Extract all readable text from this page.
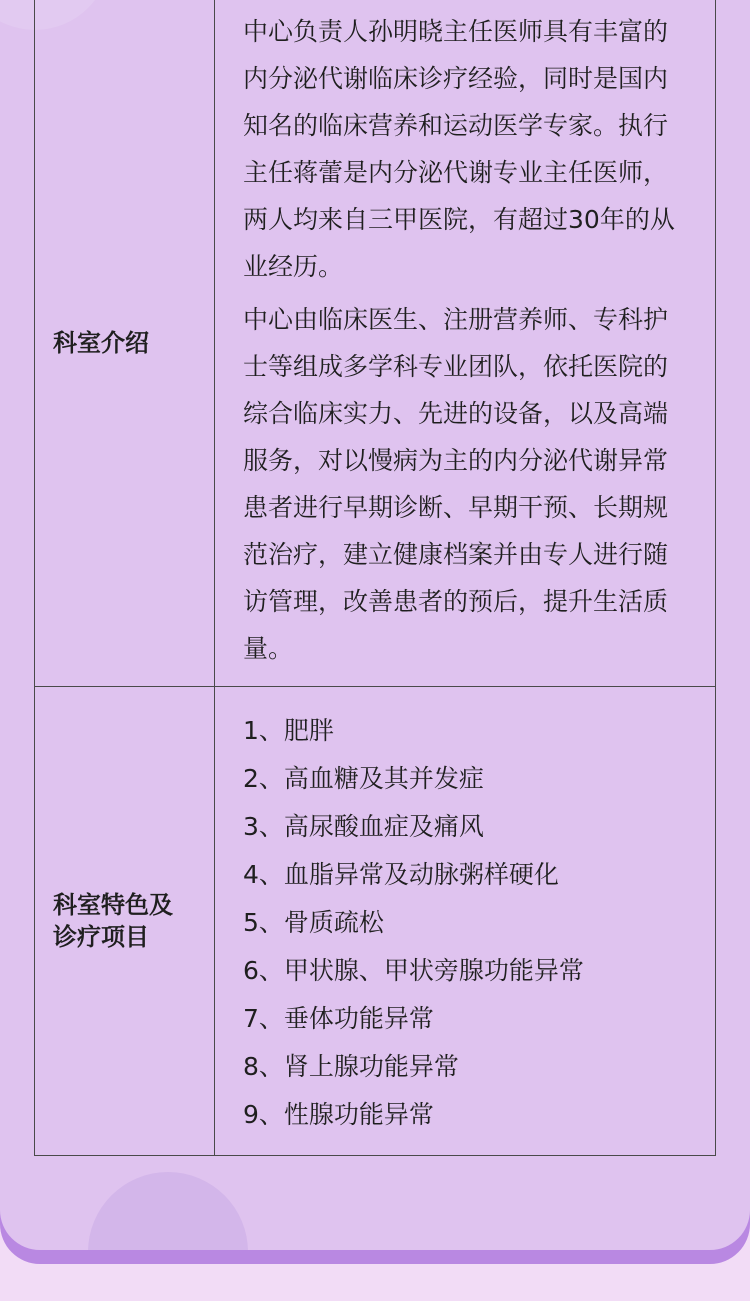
科室介绍

中心负责人孙明晓主任医师具有丰富的内分泌代谢临床诊疗经验，同时是国内知名的临床营养和运动医学专家。执行主任蒋蕾是内分泌代谢专业主任医师，两人均来自三甲医院，有超过30年的从业经历。

中心由临床医生、注册营养师、专科护士等组成多学科专业团队，依托医院的综合临床实力、先进的设备，以及高端服务，对以慢病为主的内分泌代谢异常患者进行早期诊断、早期干预、长期规范治疗，建立健康档案并由专人进行随访管理，改善患者的预后，提升生活质量。

科室特色及诊疗项目
1、肥胖
2、高血糖及其并发症
3、高尿酸血症及痛风
4、血脂异常及动脉粥样硬化
5、骨质疏松
6、甲状腺、甲状旁腺功能异常
7、垂体功能异常
8、肾上腺功能异常
9、性腺功能异常
